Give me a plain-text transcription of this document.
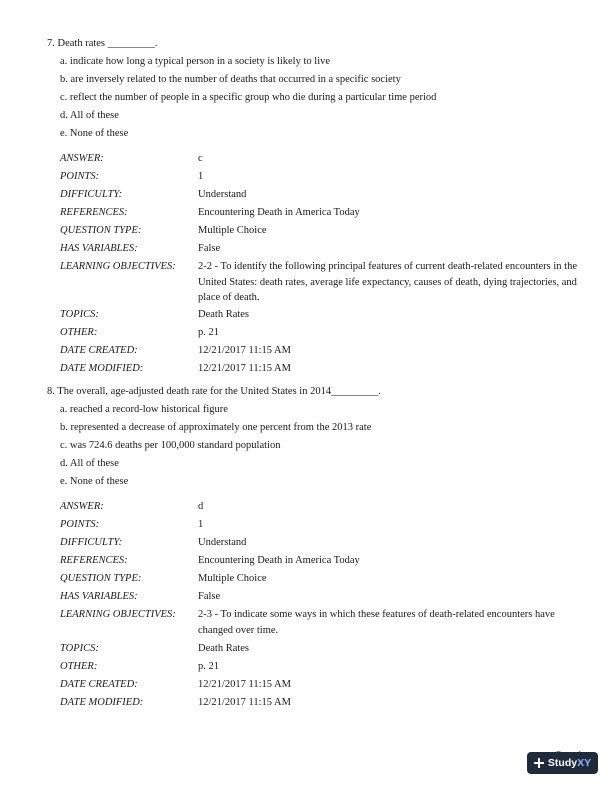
7. Death rates _________.
a. indicate how long a typical person in a society is likely to live
b. are inversely related to the number of deaths that occurred in a specific society
c. reflect the number of people in a specific group who die during a particular time period
d. All of these
e. None of these
ANSWER:	c
POINTS:	1
DIFFICULTY:	Understand
REFERENCES:	Encountering Death in America Today
QUESTION TYPE:	Multiple Choice
HAS VARIABLES:	False
LEARNING OBJECTIVES: 2-2 - To identify the following principal features of current death-related encounters in the United States: death rates, average life expectancy, causes of death, dying trajectories, and place of death.
TOPICS:	Death Rates
OTHER:	p. 21
DATE CREATED:	12/21/2017 11:15 AM
DATE MODIFIED:	12/21/2017 11:15 AM
8. The overall, age-adjusted death rate for the United States in 2014_________.
a. reached a record-low historical figure
b. represented a decrease of approximately one percent from the 2013 rate
c. was 724.6 deaths per 100,000 standard population
d. All of these
e. None of these
ANSWER:	d
POINTS:	1
DIFFICULTY:	Understand
REFERENCES:	Encountering Death in America Today
QUESTION TYPE:	Multiple Choice
HAS VARIABLES:	False
LEARNING OBJECTIVES: 2-3 - To indicate some ways in which these features of death-related encounters have changed over time.
TOPICS:	Death Rates
OTHER:	p. 21
DATE CREATED:	12/21/2017 11:15 AM
DATE MODIFIED:	12/21/2017 11:15 AM
StudyXY
